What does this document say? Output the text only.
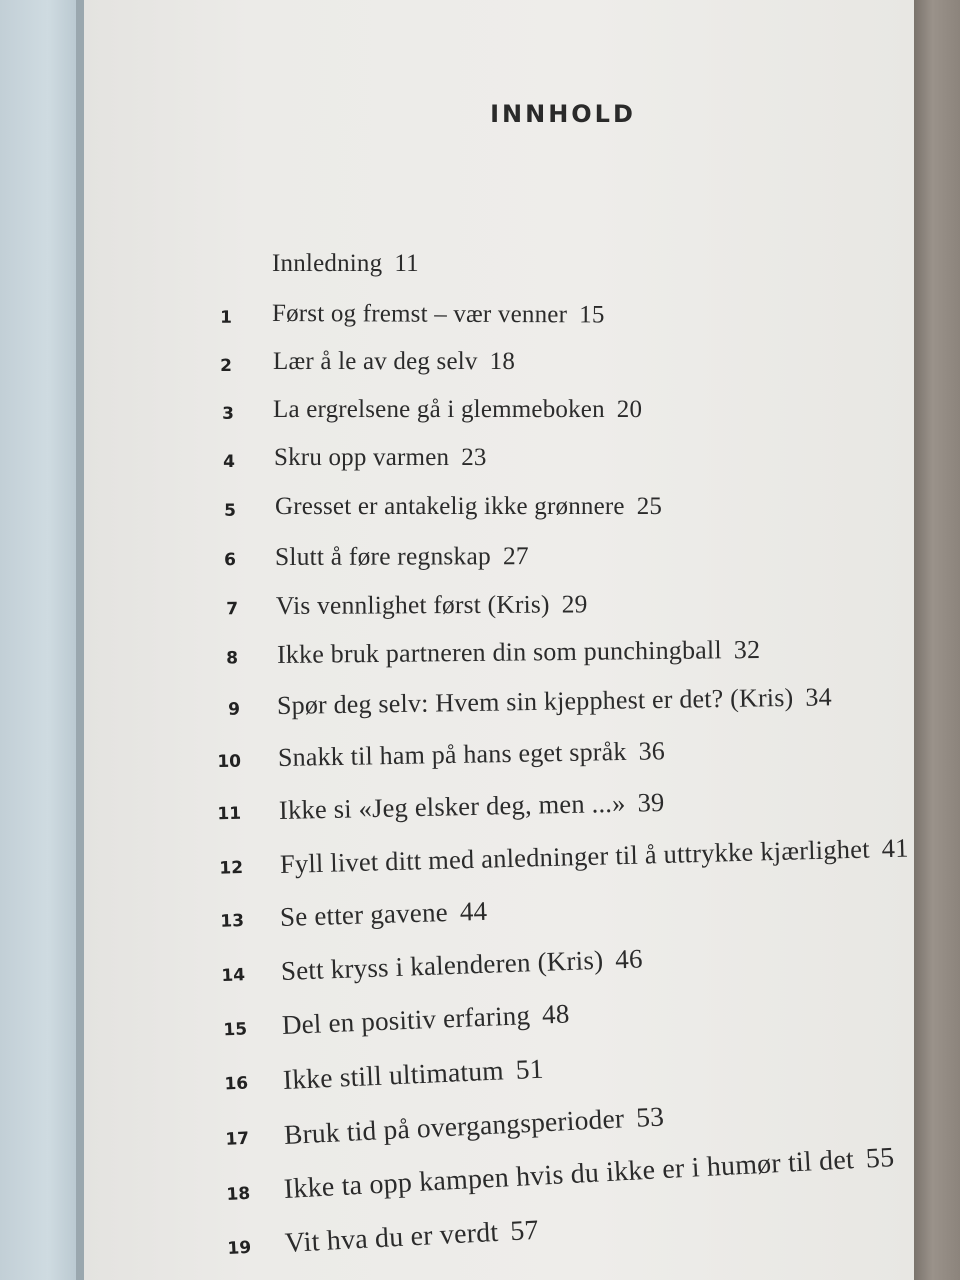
INNHOLD
Innledning 11
1 Først og fremst – vær venner 15
2 Lær å le av deg selv 18
3 La ergrelsene gå i glemmeboken 20
4 Skru opp varmen 23
5 Gresset er antakelig ikke grønnere 25
6 Slutt å føre regnskap 27
7 Vis vennlighet først (Kris) 29
8 Ikke bruk partneren din som punchingball 32
9 Spør deg selv: Hvem sin kjepphest er det? (Kris) 34
10 Snakk til ham på hans eget språk 36
11 Ikke si «Jeg elsker deg, men ...» 39
12 Fyll livet ditt med anledninger til å uttrykke kjærlighet 41
13 Se etter gavene 44
14 Sett kryss i kalenderen (Kris) 46
15 Del en positiv erfaring 48
16 Ikke still ultimatum 51
17 Bruk tid på overgangsperioder 53
18 Ikke ta opp kampen hvis du ikke er i humør til det 55
19 Vit hva du er verdt 57
